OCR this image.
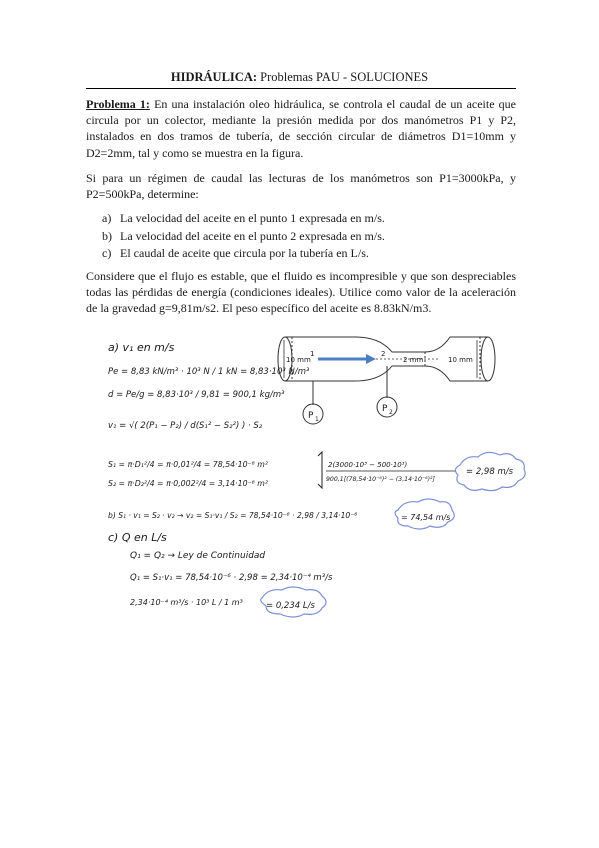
HIDRÁULICA: Problemas PAU - SOLUCIONES
Problema 1: En una instalación oleo hidráulica, se controla el caudal de un aceite que circula por un colector, mediante la presión medida por dos manómetros P1 y P2, instalados en dos tramos de tubería, de sección circular de diámetros D1=10mm y D2=2mm, tal y como se muestra en la figura.
Si para un régimen de caudal las lecturas de los manómetros son P1=3000kPa, y P2=500kPa, determine:
a) La velocidad del aceite en el punto 1 expresada en m/s.
b) La velocidad del aceite en el punto 2 expresada en m/s.
c) El caudal de aceite que circula por la tubería en L/s.
Considere que el flujo es estable, que el fluido es incompresible y que son despreciables todas las pérdidas de energía (condiciones ideales). Utilice como valor de la aceleración de la gravedad g=9,81m/s2. El peso específico del aceite es 8.83kN/m3.
10 mm	2 mm	10 mm
1	2
P 1
P 2
a) v₁ en m/s
Pe = 8,83 kN/m³ · 10³ N / 1 kN = 8,83·10³ N/m³
d = Pe/g = 8,83·10³ / 9,81 = 900,1 kg/m³
v₁ = √( 2(P₁ − P₂) / d(S₁² − S₂²) ) · S₂
S₁ = π·D₁²/4 = π·0,01²/4 = 78,54·10⁻⁶ m²
S₂ = π·D₂²/4 = π·0,002²/4 = 3,14·10⁻⁶ m²
2(3000·10³ − 500·10³)
900,1[(78,54·10⁻⁶)² − (3,14·10⁻⁶)²]
= 2,98 m/s
b) S₁ · v₁ = S₂ · v₂ → v₂ = S₁·v₁ / S₂ = 78,54·10⁻⁶ · 2,98 / 3,14·10⁻⁶	= 74,54 m/s
c) Q en L/s
Q₁ = Q₂ → Ley de Continuidad
Q₁ = S₁·v₁ = 78,54·10⁻⁶ · 2,98 = 2,34·10⁻⁴ m³/s
2,34·10⁻⁴ m³/s · 10³ L / 1 m³	= 0,234 L/s
